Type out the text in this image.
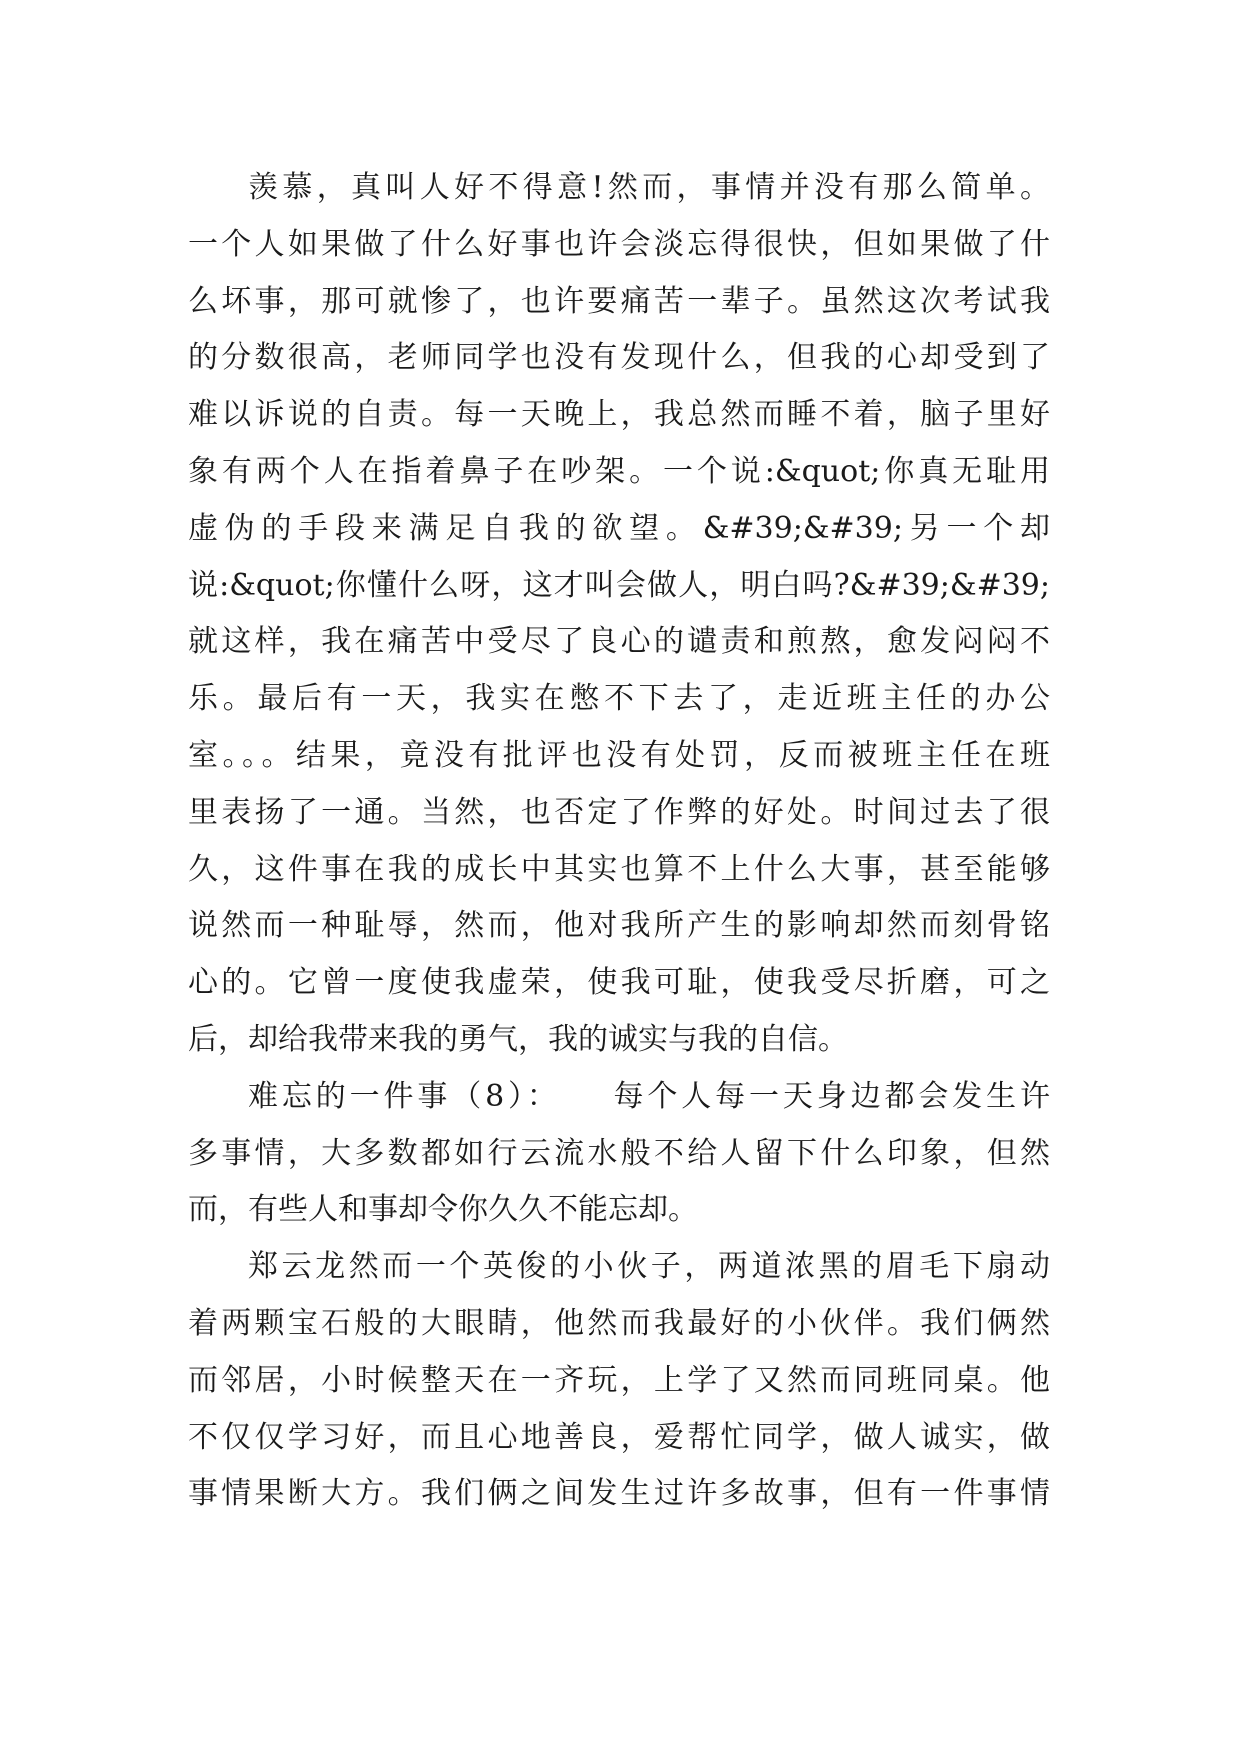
羡慕，真叫人好不得意!然而，事情并没有那么简单。
一个人如果做了什么好事也许会淡忘得很快，但如果做了什
么坏事，那可就惨了，也许要痛苦一辈子。虽然这次考试我
的分数很高，老师同学也没有发现什么，但我的心却受到了
难以诉说的自责。每一天晚上，我总然而睡不着，脑子里好
象有两个人在指着鼻子在吵架。一个说:&quot;你真无耻用
虚伪的手段来满足自我的欲望。&#39;&#39;另一个却
说:&quot;你懂什么呀，这才叫会做人，明白吗?&#39;&#39;
就这样，我在痛苦中受尽了良心的谴责和煎熬，愈发闷闷不
乐。最后有一天，我实在憋不下去了，走近班主任的办公
室。。。结果，竟没有批评也没有处罚，反而被班主任在班
里表扬了一通。当然，也否定了作弊的好处。时间过去了很
久，这件事在我的成长中其实也算不上什么大事，甚至能够
说然而一种耻辱，然而，他对我所产生的影响却然而刻骨铭
心的。它曾一度使我虚荣，使我可耻，使我受尽折磨，可之
后，却给我带来我的勇气，我的诚实与我的自信。
难忘的一件事（8）：　　每个人每一天身边都会发生许
多事情，大多数都如行云流水般不给人留下什么印象，但然
而，有些人和事却令你久久不能忘却。
郑云龙然而一个英俊的小伙子，两道浓黑的眉毛下扇动
着两颗宝石般的大眼睛，他然而我最好的小伙伴。我们俩然
而邻居，小时候整天在一齐玩，上学了又然而同班同桌。他
不仅仅学习好，而且心地善良，爱帮忙同学，做人诚实，做
事情果断大方。我们俩之间发生过许多故事，但有一件事情
